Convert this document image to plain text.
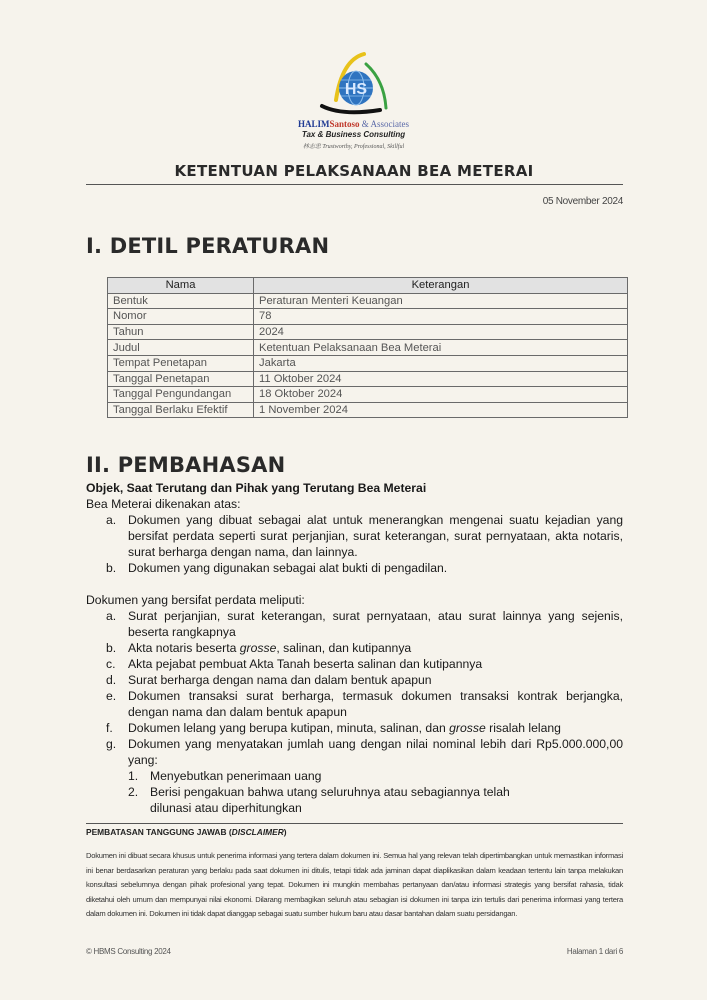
HS
HALIMSantoso & Associates
Tax & Business Consulting
林志忠 Trustworthy, Professional, Skillful
KETENTUAN PELAKSANAAN BEA METERAI
05 November 2024
I. DETIL PERATURAN
Nama	Keterangan
Bentuk	Peraturan Menteri Keuangan
Nomor	78
Tahun	2024
Judul	Ketentuan Pelaksanaan Bea Meterai
Tempat Penetapan	Jakarta
Tanggal Penetapan	11 Oktober 2024
Tanggal Pengundangan	18 Oktober 2024
Tanggal Berlaku Efektif	1 November 2024
II. PEMBAHASAN
Objek, Saat Terutang dan Pihak yang Terutang Bea Meterai
Bea Meterai dikenakan atas:
a. Dokumen yang dibuat sebagai alat untuk menerangkan mengenai suatu kejadian yang bersifat perdata seperti surat perjanjian, surat keterangan, surat pernyataan, akta notaris, surat berharga dengan nama, dan lainnya.
b. Dokumen yang digunakan sebagai alat bukti di pengadilan.
Dokumen yang bersifat perdata meliputi:
a. Surat perjanjian, surat keterangan, surat pernyataan, atau surat lainnya yang sejenis, beserta rangkapnya
b. Akta notaris beserta grosse, salinan, dan kutipannya
c.	Akta pejabat pembuat Akta Tanah beserta salinan dan kutipannya
d. Surat berharga dengan nama dan dalam bentuk apapun
e. Dokumen transaksi surat berharga, termasuk dokumen transaksi kontrak berjangka, dengan nama dan dalam bentuk apapun
f.	Dokumen lelang yang berupa kutipan, minuta, salinan, dan grosse risalah lelang
g. Dokumen yang menyatakan jumlah uang dengan nilai nominal lebih dari Rp5.000.000,00 yang:
1. Menyebutkan penerimaan uang
2. Berisi pengakuan bahwa utang seluruhnya atau sebagiannya telah dilunasi atau diperhitungkan
PEMBATASAN TANGGUNG JAWAB (DISCLAIMER)
Dokumen ini dibuat secara khusus untuk penerima informasi yang tertera dalam dokumen ini. Semua hal yang relevan telah dipertimbangkan untuk memastikan informasi ini benar berdasarkan peraturan yang berlaku pada saat dokumen ini ditulis, tetapi tidak ada jaminan dapat diaplikasikan dalam keadaan tertentu lain tanpa melakukan konsultasi sebelumnya dengan pihak profesional yang tepat. Dokumen ini mungkin membahas pertanyaan dan/atau informasi strategis yang bersifat rahasia, tidak diketahui oleh umum dan mempunyai nilai ekonomi. Dilarang membagikan seluruh atau sebagian isi dokumen ini tanpa izin tertulis dari penerima informasi yang tertera dalam dokumen ini. Dokumen ini tidak dapat dianggap sebagai suatu sumber hukum baru atau dasar bantahan dalam suatu persidangan.
© HBMS Consulting 2024	Halaman 1 dari 6
